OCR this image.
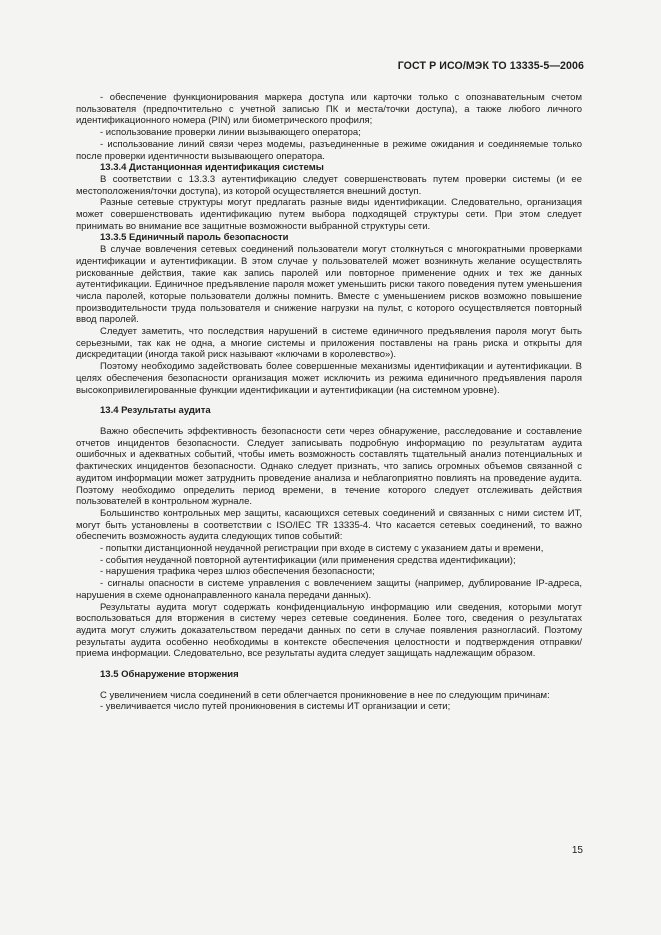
ГОСТ Р ИСО/МЭК ТО 13335-5—2006

- обеспечение функционирования маркера доступа или карточки только с опознавательным счетом пользователя (предпочтительно с учетной записью ПК и места/точки доступа), а также любого личного идентификационного номера (PIN) или биометрического профиля;

- использование проверки линии вызывающего оператора;

- использование линий связи через модемы, разъединенные в режиме ожидания и соединяемые только после проверки идентичности вызывающего оператора.

13.3.4 Дистанционная идентификация системы

В соответствии с 13.3.3 аутентификацию следует совершенствовать путем проверки системы (и ее местоположения/точки доступа), из которой осуществляется внешний доступ.

Разные сетевые структуры могут предлагать разные виды идентификации. Следовательно, организация может совершенствовать идентификацию путем выбора подходящей структуры сети. При этом следует принимать во внимание все защитные возможности выбранной структуры сети.

13.3.5 Единичный пароль безопасности

В случае вовлечения сетевых соединений пользователи могут столкнуться с многократными проверками идентификации и аутентификации. В этом случае у пользователей может возникнуть желание осуществлять рискованные действия, такие как запись паролей или повторное применение одних и тех же данных аутентификации. Единичное предъявление пароля может уменьшить риски такого поведения путем уменьшения числа паролей, которые пользователи должны помнить. Вместе с уменьшением рисков возможно повышение производительности труда пользователя и снижение нагрузки на пульт, с которого осуществляется повторный ввод паролей.

Следует заметить, что последствия нарушений в системе единичного предъявления пароля могут быть серьезными, так как не одна, а многие системы и приложения поставлены на грань риска и открыты для дискредитации (иногда такой риск называют «ключами в королевство»).

Поэтому необходимо задействовать более совершенные механизмы идентификации и аутентификации. В целях обеспечения безопасности организация может исключить из режима единичного предъявления пароля высокопривилегированные функции идентификации и аутентификации (на системном уровне).

13.4 Результаты аудита

Важно обеспечить эффективность безопасности сети через обнаружение, расследование и составление отчетов инцидентов безопасности. Следует записывать подробную информацию по результатам аудита ошибочных и адекватных событий, чтобы иметь возможность составлять тщательный анализ потенциальных и фактических инцидентов безопасности. Однако следует признать, что запись огромных объемов связанной с аудитом информации может затруднить проведение анализа и неблагоприятно повлиять на проведение аудита. Поэтому необходимо определить период времени, в течение которого следует отслеживать действия пользователей в контрольном журнале.

Большинство контрольных мер защиты, касающихся сетевых соединений и связанных с ними систем ИТ, могут быть установлены в соответствии с ISO/IEC TR 13335-4. Что касается сетевых соединений, то важно обеспечить возможность аудита следующих типов событий:

- попытки дистанционной неудачной регистрации при входе в систему с указанием даты и времени,

- события неудачной повторной аутентификации (или применения средства идентификации);

- нарушения трафика через шлюз обеспечения безопасности;

- сигналы опасности в системе управления с вовлечением защиты (например, дублирование IP-адреса, нарушения в схеме однонаправленного канала передачи данных).

Результаты аудита могут содержать конфиденциальную информацию или сведения, которыми могут воспользоваться для вторжения в систему через сетевые соединения. Более того, сведения о результатах аудита могут служить доказательством передачи данных по сети в случае появления разногласий. Поэтому результаты аудита особенно необходимы в контексте обеспечения целостности и подтверждения отправки/приема информации. Следовательно, все результаты аудита следует защищать надлежащим образом.

13.5 Обнаружение вторжения

С увеличением числа соединений в сети облегчается проникновение в нее по следующим причинам:

- увеличивается число путей проникновения в системы ИТ организации и сети;

15
